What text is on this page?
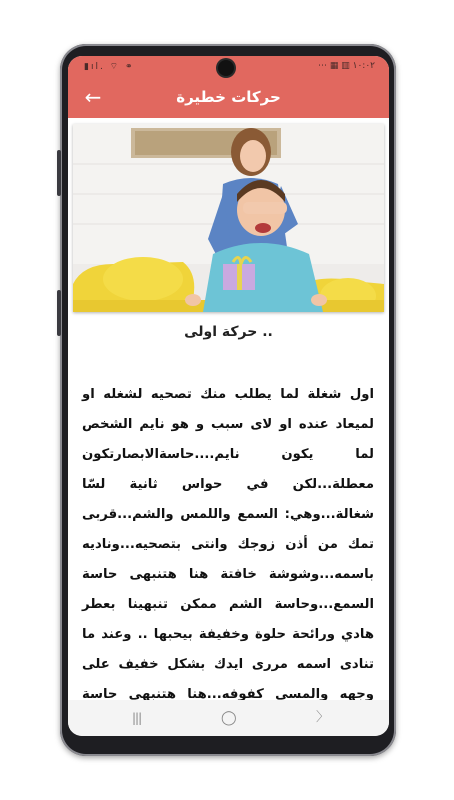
▮ıl. ⌔ ⚭	⋯ ▦ ▥ ١٠:٠٢
←	حركات خطيرة
حركة اولى ..
اول شغلة لما يطلب منك تصحيه لشغله او لميعاد عنده او لاى سبب و هو نايم الشخص لما يكون نايم....حاسةالابصارتكون معطلة...لكن في حواس ثانية لسّا شغالة...وهي: السمع واللمس والشم...قربى تمك من أذن زوجك وانتى بتصحيه...وناديه باسمه...وشوشة خافتة هنا هتنبهى حاسة السمع...وحاسة الشم ممكن تنبهينا بعطر هادي ورائحة حلوة وخفيفة بيحبها .. وعند ما تنادى اسمه مررى ايدك بشكل خفيف على وجهه والمسى كفوفه...هنا هتنبهى حاسة
|||	◯	〉
